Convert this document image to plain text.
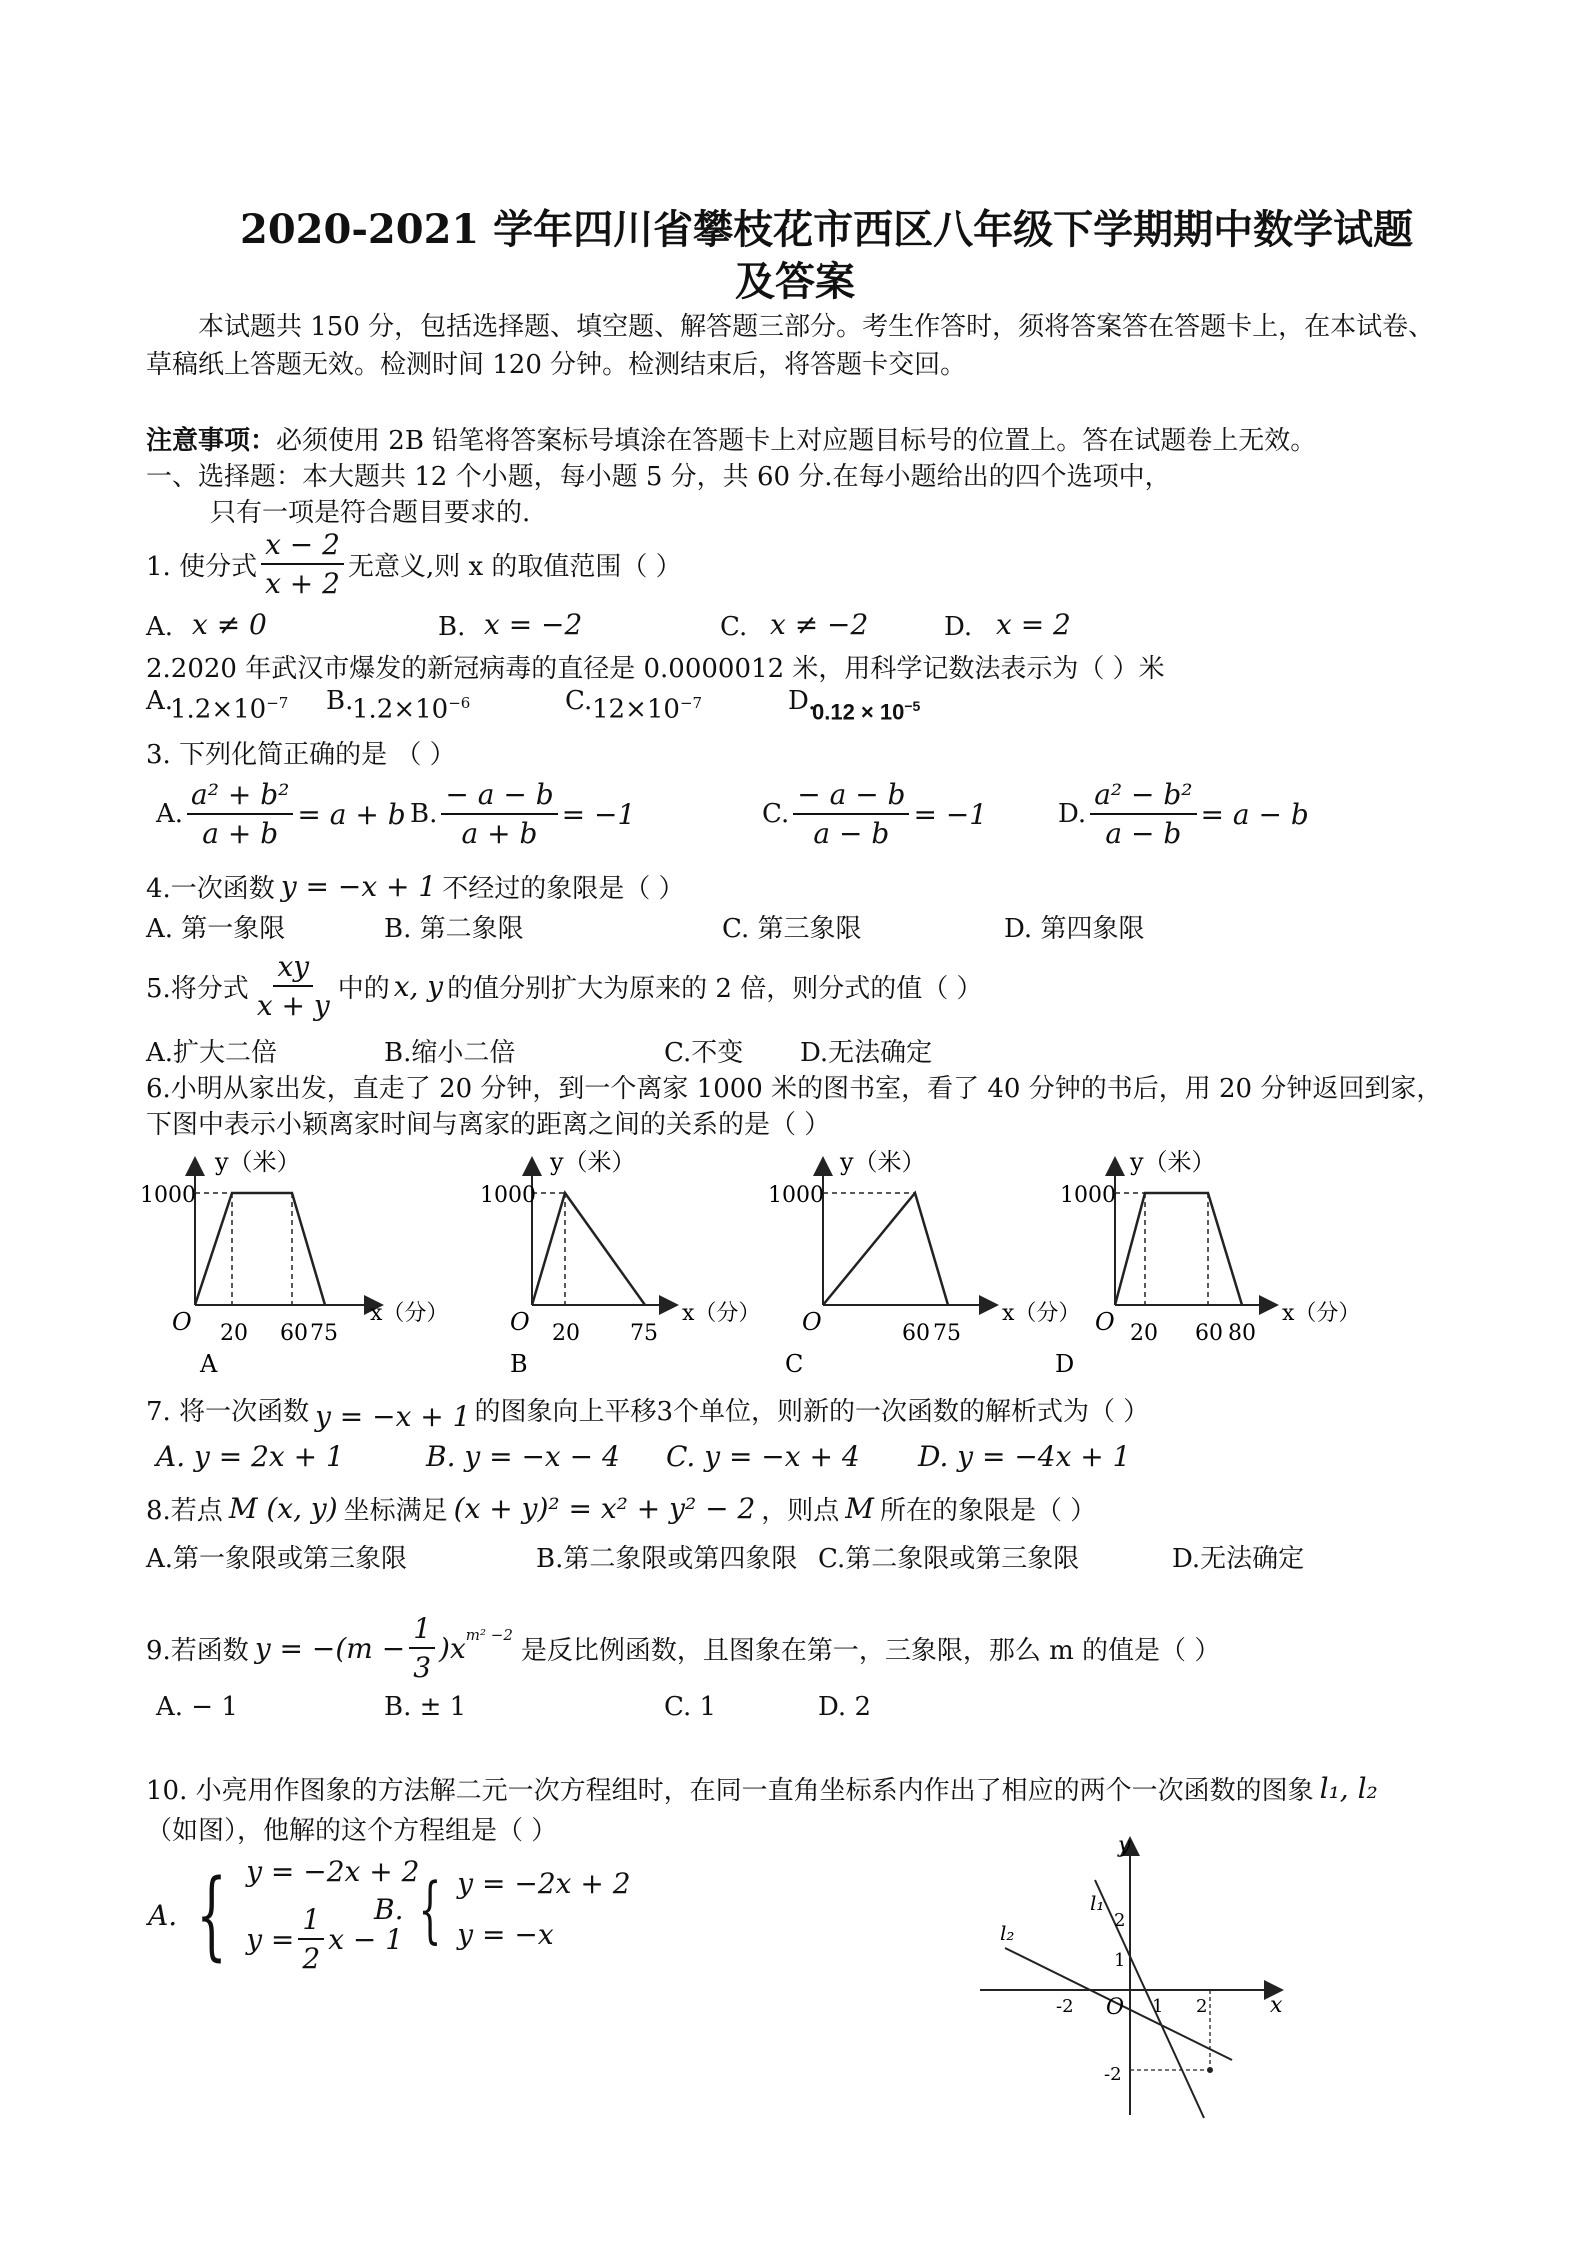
2020-2021 学年四川省攀枝花市西区八年级下学期期中数学试题
及答案
本试题共 150 分，包括选择题、填空题、解答题三部分。考生作答时，须将答案答在答题卡上，在本试卷、
草稿纸上答题无效。检测时间 120 分钟。检测结束后，将答题卡交回。
注意事项：必须使用 2B 铅笔将答案标号填涂在答题卡上对应题目标号的位置上。答在试题卷上无效。
一、选择题：本大题共 12 个小题，每小题 5 分，共 60 分.在每小题给出的四个选项中，
只有一项是符合题目要求的.
1. 使分式 $\frac{x - 2}{x + 2}$ 无意义,则 x 的取值范围（ ）
A. x ≠ 0	B. x = −2	C. x ≠ −2	D. x = 2
2.2020 年武汉市爆发的新冠病毒的直径是 0.0000012 米，用科学记数法表示为（ ）米
A.
$1.2\times 10^{-7}$ B.
$1.2\times 10^{-6}$	C. $12\times 10^{-7}$	D.
$0.12 \times 10^{-5}$
3. 下列化简正确的是 （ ）
A. $\frac{\text{a² + b²}}{a + b} = a + b$ B. $\frac{- a - b}{a + b} = -1$	C. $\frac{- a - b}{a - b} = -1$	D. $\frac{\text{a² − b²}}{a - b} = a - b$
4.一次函数 y = −x + 1 不经过的象限是（ ）
A. 第一象限	B. 第二象限	C. 第三象限	D. 第四象限
5.将分式 $\frac{xy}{x + y}$ 中的 x, y 的值分别扩大为原来的 2 倍，则分式的值（ ）
A.扩大二倍	B.缩小二倍	C.不变 D.无法确定
6.小明从家出发，直走了 20 分钟，到一个离家 1000 米的图书室，看了 40 分钟的书后，用 20 分钟返回到家，
下图中表示小颖离家时间与离家的距离之间的关系的是（ ）
y（米）
1000
O 20 60 75
x（分）
A
y（米）
1000
O 20 75
x（分）
B
y（米）
1000
O	60 75
x（分）
C
y（米）
1000
O 20 60 80
x（分）
D
7. 将一次函数 y = −x + 1 的图象向上平移3个单位，则新的一次函数的解析式为（ ）
A. y = 2x + 1	B. y = −x − 4 C. y = −x + 4 D. y = −4x + 1
8.若点 M (x, y) 坐标满足 (x + y)² = x² + y² − 2 ，则点 M 所在的象限是（ ）
A.第一象限或第三象限	B.第二象限或第四象限 C.第二象限或第三象限	D.无法确定
9.若函数 $y = -(m - \frac{1}{3} )x^{m^2 -2}$
是反比例函数，且图象在第一，三象限，那么 m 的值是（ ）
A. − 1	B. ± 1	C. 1	D. 2
10. 小亮用作图象的方法解二元一次方程组时，在同一直角坐标系内作出了相应的两个一次函数的图象 l₁, l₂
（如图），他解的这个方程组是（ ）
A. { y = −2x + 2
$y = \frac{1}{2}$ x − 1
B. { y = −2x + 2
y = −x
y
x
O
l₁
l₂
2
1
-2	1 2
-2
